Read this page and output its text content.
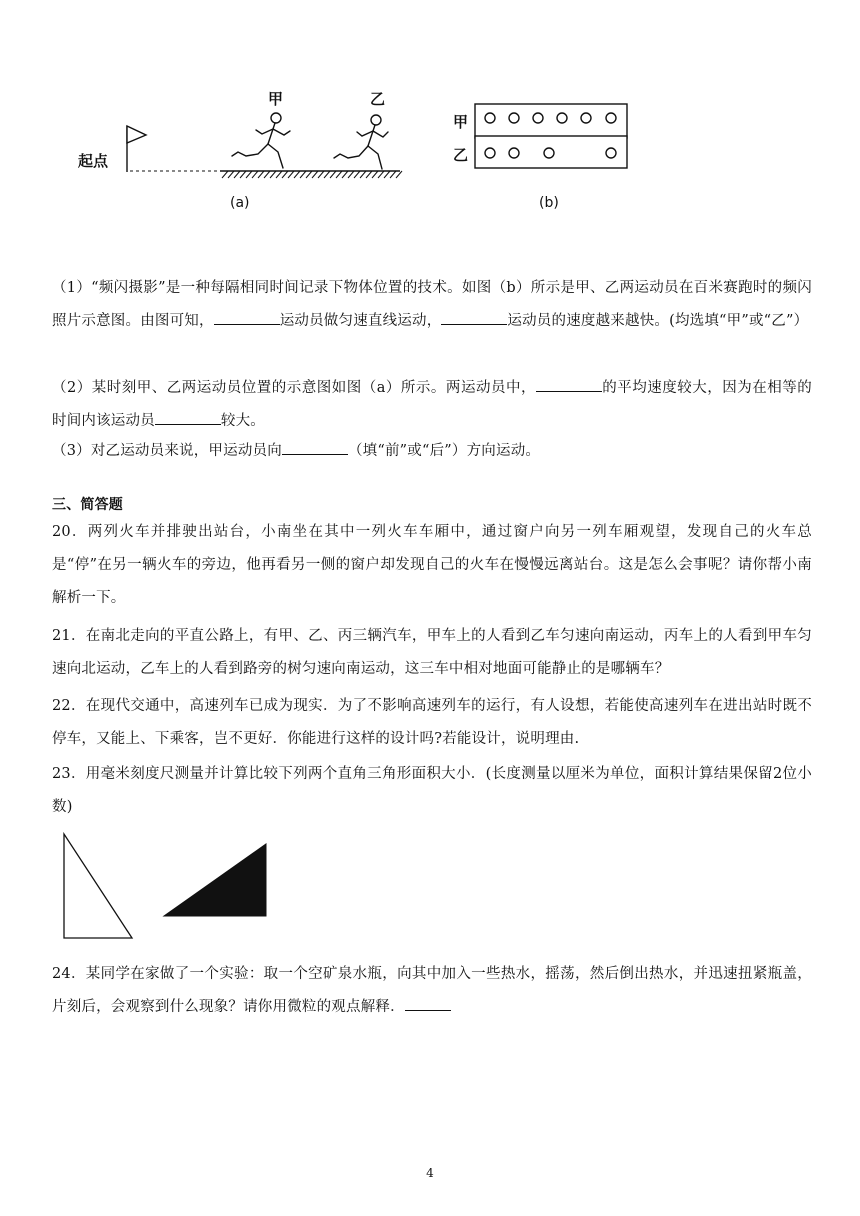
起点
甲	乙
(a)
甲
乙
(b)

（1）“频闪摄影”是一种每隔相同时间记录下物体位置的技术。如图（b）所示是甲、乙两运动员在百米赛跑时的频闪照片示意图。由图可知，	运动员做匀速直线运动，	运动员的速度越来越快。(均选填“甲”或“乙”）

（2）某时刻甲、乙两运动员位置的示意图如图（a）所示。两运动员中，	的平均速度较大，因为在相等的时间内该运动员	较大。

（3）对乙运动员来说，甲运动员向	（填“前”或“后”）方向运动。

三、简答题

20．两列火车并排驶出站台，小南坐在其中一列火车车厢中，通过窗户向另一列车厢观望，发现自己的火车总是“停”在另一辆火车的旁边，他再看另一侧的窗户却发现自己的火车在慢慢远离站台。这是怎么会事呢？请你帮小南解析一下。

21．在南北走向的平直公路上，有甲、乙、丙三辆汽车，甲车上的人看到乙车匀速向南运动，丙车上的人看到甲车匀速向北运动，乙车上的人看到路旁的树匀速向南运动，这三车中相对地面可能静止的是哪辆车？

22．在现代交通中，高速列车已成为现实．为了不影响高速列车的运行，有人设想，若能使高速列车在进出站时既不停车，又能上、下乘客，岂不更好．你能进行这样的设计吗?若能设计，说明理由.

23．用毫米刻度尺测量并计算比较下列两个直角三角形面积大小．(长度测量以厘米为单位，面积计算结果保留2位小数)

24．某同学在家做了一个实验：取一个空矿泉水瓶，向其中加入一些热水，摇荡，然后倒出热水，并迅速扭紧瓶盖，片刻后，会观察到什么现象？请你用微粒的观点解释．

4
